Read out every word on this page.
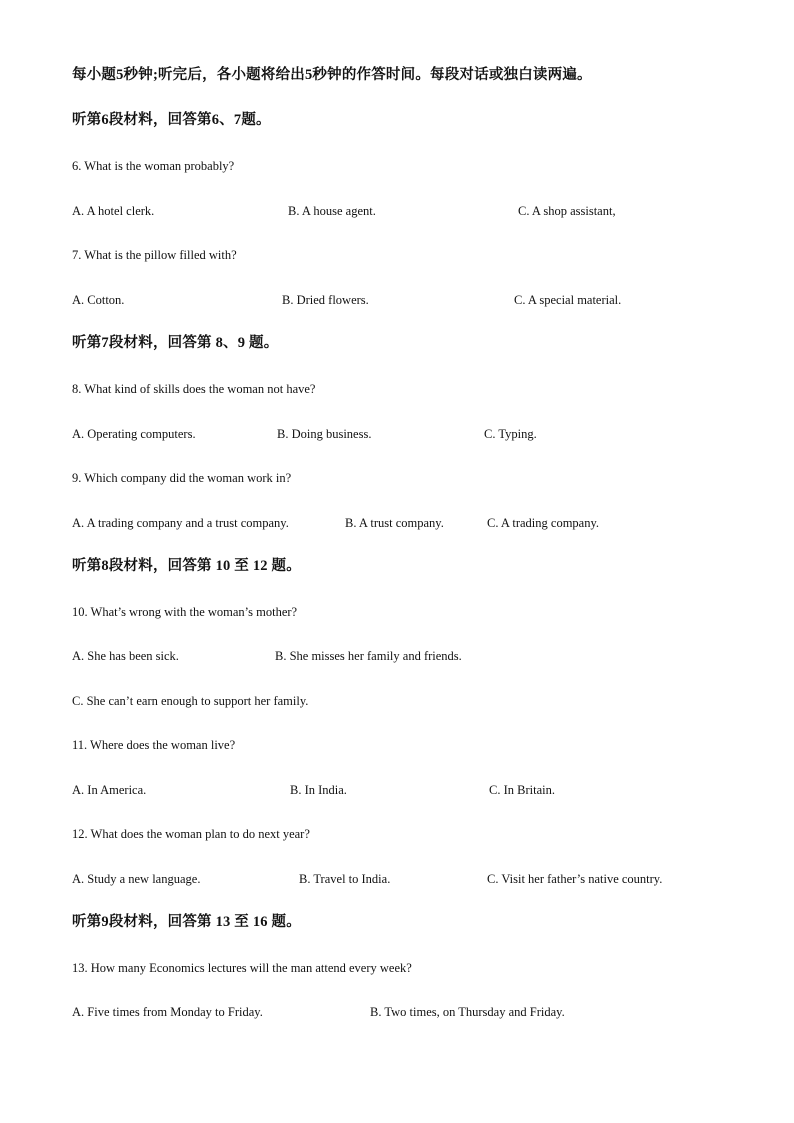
每小题5秒钟;听完后，各小题将给出5秒钟的作答时间。每段对话或独白读两遍。
听第6段材料，回答第6、7题。
6. What is the woman probably?
A. A hotel clerk.	B. A house agent.	C. A shop assistant,
7. What is the pillow filled with?
A. Cotton.	B. Dried flowers.	C. A special material.
听第7段材料，回答第 8、9 题。
8. What kind of skills does the woman not have?
A. Operating computers.	B. Doing business.	C. Typing.
9. Which company did the woman work in?
A. A trading company and a trust company.	B. A trust company.	C. A trading company.
听第8段材料，回答第 10 至 12 题。
10. What’s wrong with the woman’s mother?
A. She has been sick.	B. She misses her family and friends.
C. She can’t earn enough to support her family.
11. Where does the woman live?
A. In America.	B. In India.	C. In Britain.
12. What does the woman plan to do next year?
A. Study a new language.	B. Travel to India.	C. Visit her father’s native country.
听第9段材料，回答第 13 至 16 题。
13. How many Economics lectures will the man attend every week?
A. Five times from Monday to Friday.	B. Two times, on Thursday and Friday.
